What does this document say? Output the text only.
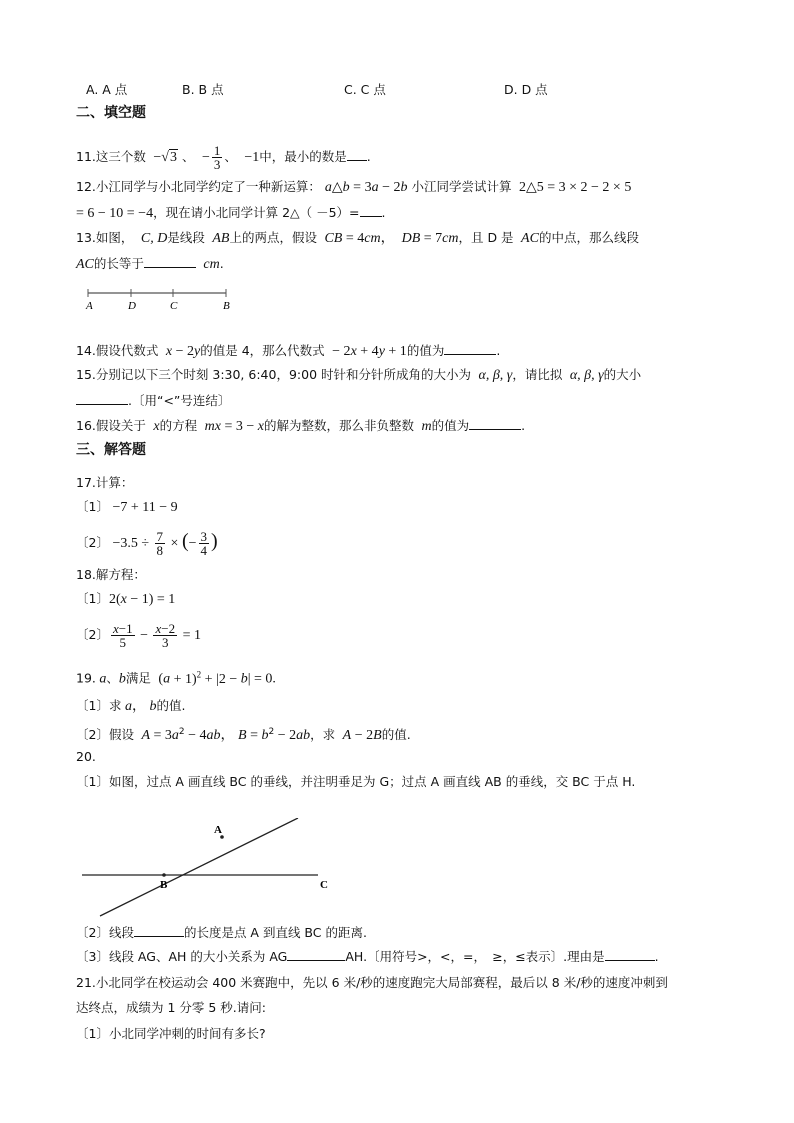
A. A 点	B. B 点	C. C 点	D. D 点
二、填空题
11.这三个数  −√3 、  − $\frac{1}{3}$ 、  −1中，最小的数是 .
12.小江同学与小北同学约定了一种新运算： a△b = 3a − 2b 小江同学尝试计算  2△5 = 3 × 2 − 2 × 5
= 6 − 10 = −4，现在请小北同学计算 2△（ －5）= .
13.如图，  C, D是线段  AB上的两点，假设  CB = 4cm，  DB = 7cm，且 D 是  AC的中点，那么线段
AC的长等于	cm.
A	D	C	B
14.假设代数式  x − 2y的值是 4，那么代数式  − 2x + 4y + 1的值为	.
15.分别记以下三个时刻 3:30, 6:40，9:00 时针和分针所成角的大小为  α, β, γ，请比拟  α, β, γ的大小
.〔用“<”号连结〕
16.假设关于  x的方程  mx = 3 − x的解为整数，那么非负整数  m的值为	.
三、解答题
17.计算：
〔1〕 −7 + 11 − 9
〔2〕 $-3.5 \div \frac{7}{8}$ × (− $\frac{3}{4}$ )
18.解方程：
〔1〕2(x − 1) = 1
〔2〕 $\frac{x-1}{5} - \frac{x-2}{3} = 1$
19. a、b满足  $(a + 1)^2 + |2 - b| = 0$.
〔1〕求 a， b的值.
〔2〕假设  $A = 3a^2 - 4ab$， $B = b^2 - 2ab$，求  A − 2B的值.
20.
〔1〕如图，过点 A 画直线 BC 的垂线，并注明垂足为 G；过点 A 画直线 AB 的垂线，交 BC 于点 H.
A
B	C
〔2〕线段	的长度是点 A 到直线 BC 的距离.
〔3〕线段 AG、AH 的大小关系为 AG	AH.〔用符号>，<，=，　≥，≤表示〕.理由是	.
21.小北同学在校运动会 400 米赛跑中，先以 6 米/秒的速度跑完大局部赛程，最后以 8 米/秒的速度冲刺到
达终点，成绩为 1 分零 5 秒.请问:
〔1〕小北同学冲刺的时间有多长?
